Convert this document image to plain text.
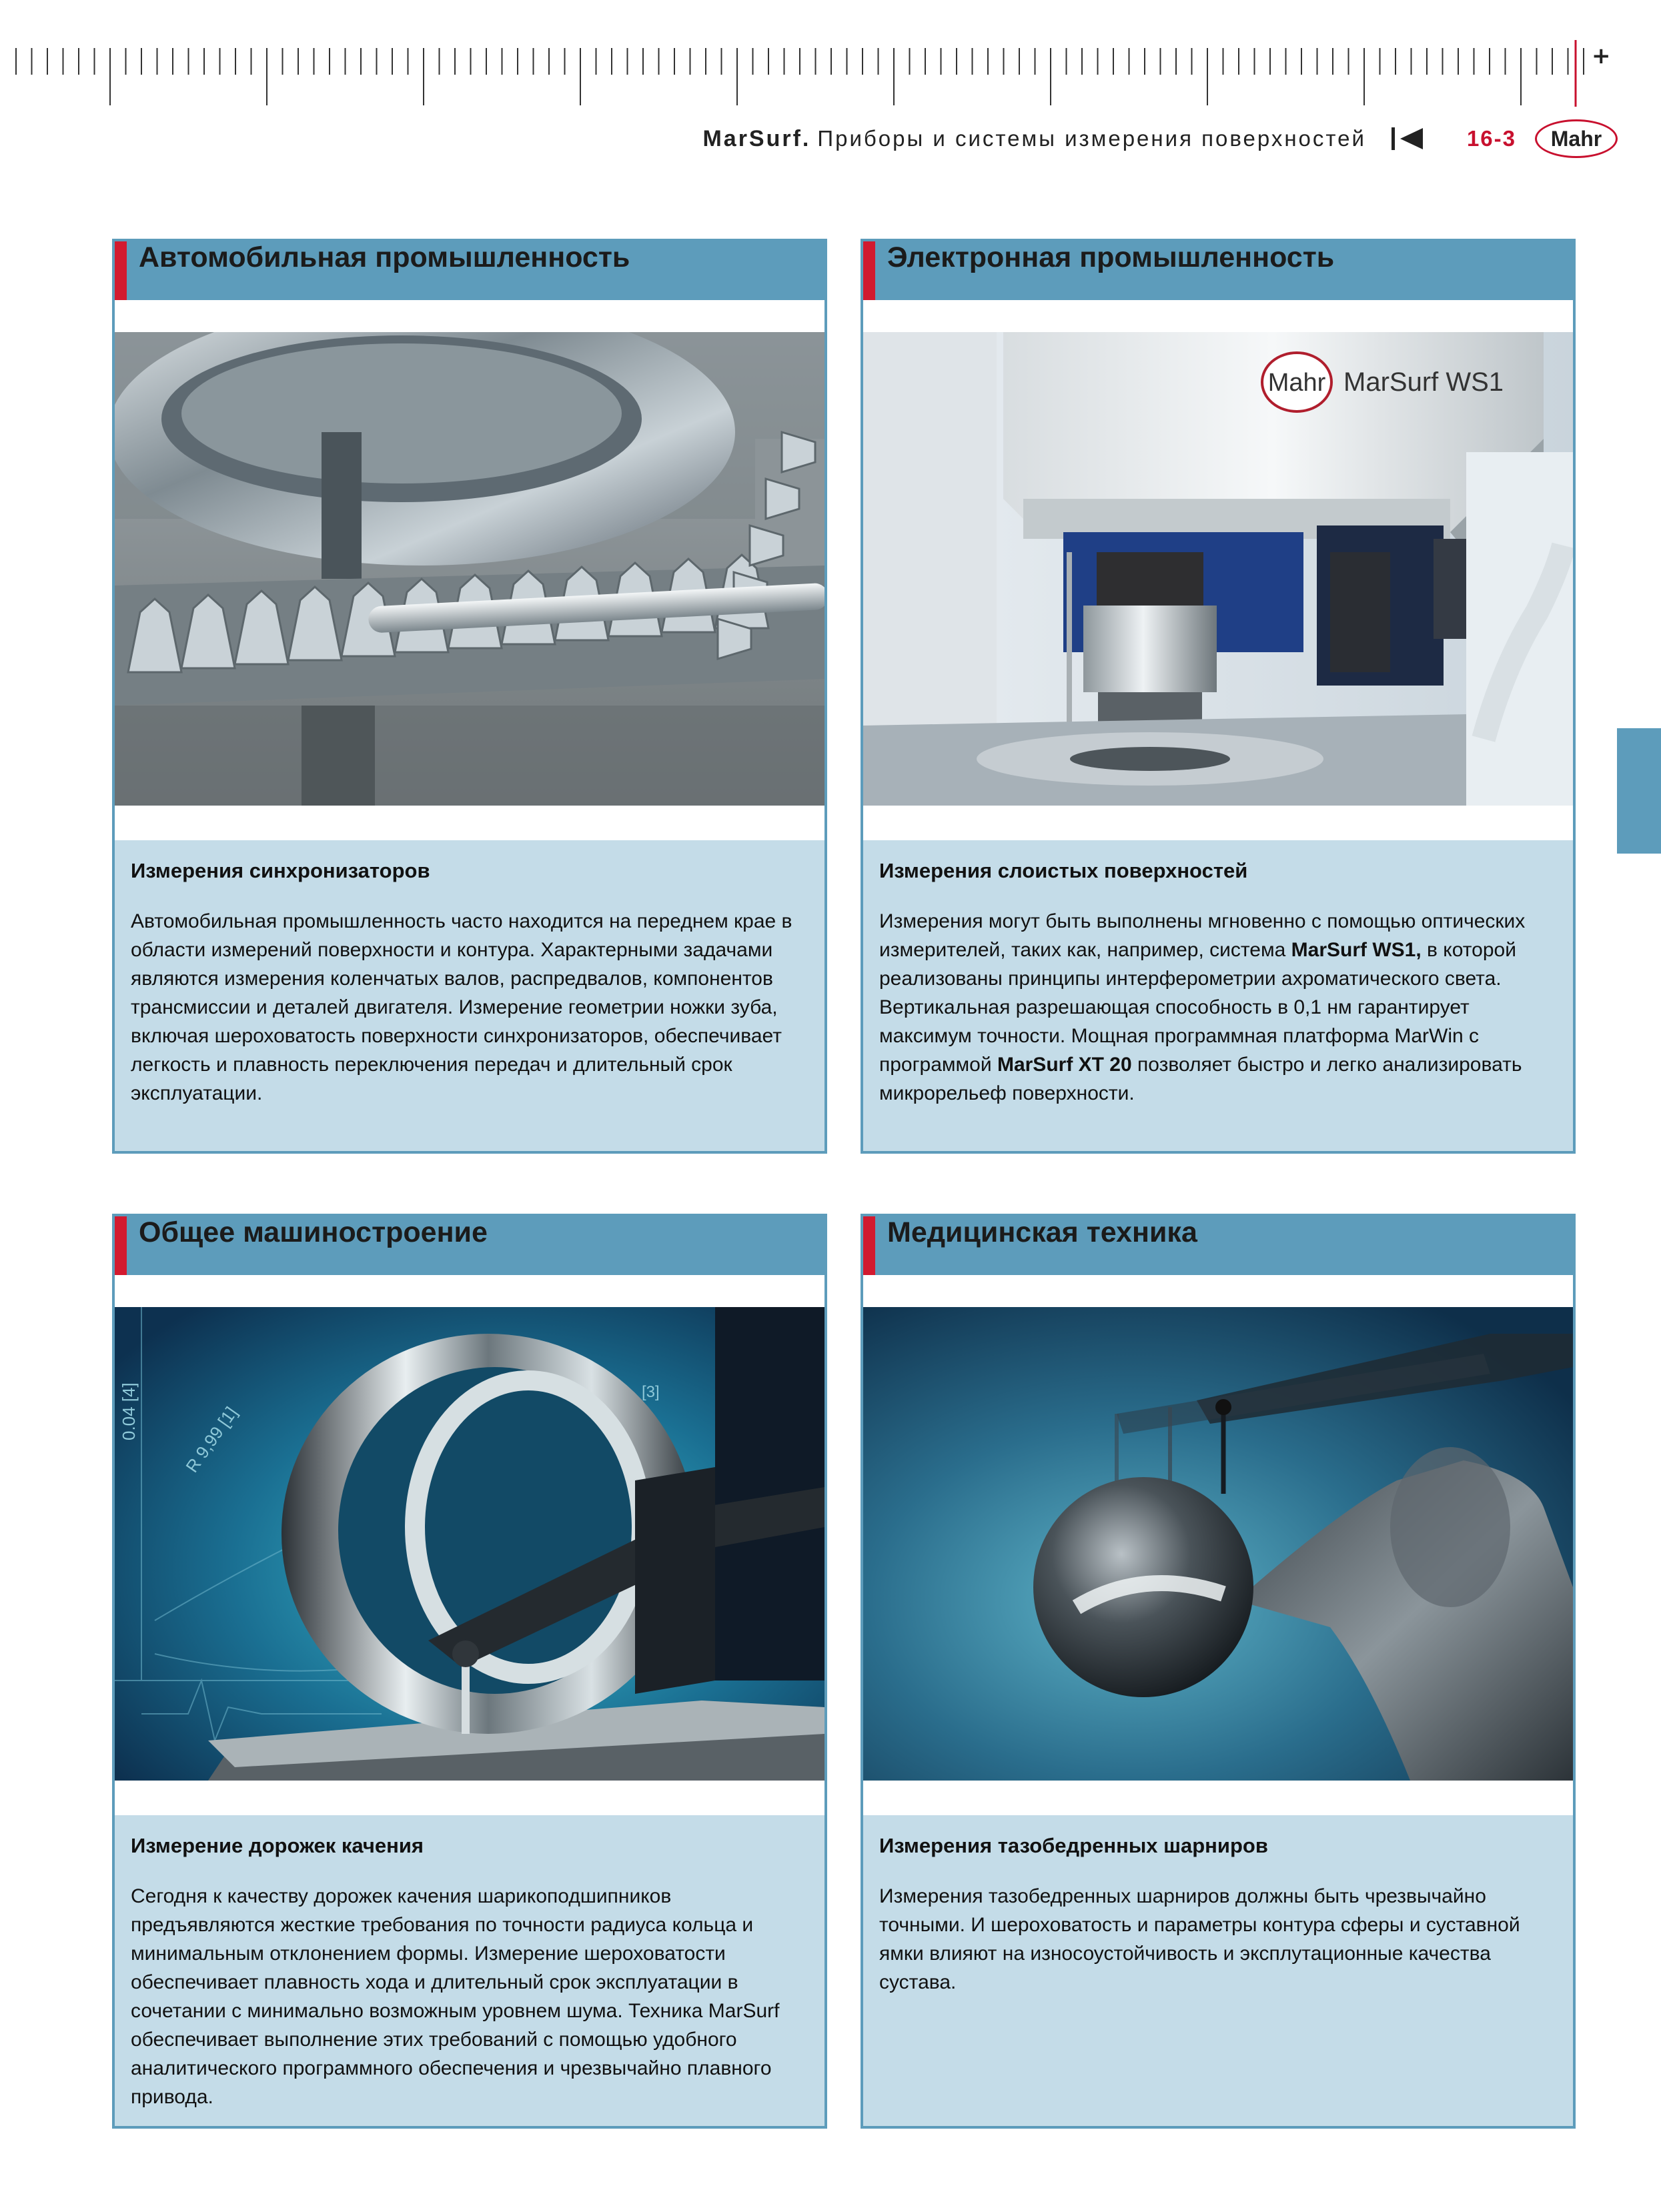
+
MarSurf. Приборы и системы измерения поверхностей	16-3	Mahr
Автомобильная промышленность

Измерения синхронизаторов

Автомобильная промышленность часто находится на переднем крае в области измерений поверхности и контура. Характерными задачами являются измерения коленчатых валов, распредвалов, компонентов трансмиссии и деталей двигателя. Измерение геометрии ножки зуба, включая шероховатость поверхности синхронизаторов, обеспечивает легкость и плавность переключения передач и длительный срок эксплуатации.

Электронная промышленность
Mahr MarSurf WS1

Измерения слоистых поверхностей

Измерения могут быть выполнены мгновенно с помощью оптических измерителей, таких как, например, система MarSurf WS1, в которой реализованы принципы интерферометрии ахроматического света. Вертикальная разрешающая способность в 0,1 нм гарантирует максимум точности. Мощная программная платформа MarWin с программой MarSurf XT 20 позволяет быстро и легко анализировать микрорельеф поверхности.

Общее машиностроение
0.04 [4] R 9,99 [1]
[3]

Измерение дорожек качения

Сегодня к качеству дорожек качения шарикоподшипников предъявляются жесткие требования по точности радиуса кольца и минимальным отклонением формы. Измерение шероховатости обеспечивает плавность хода и длительный срок эксплуатации в сочетании с минимально возможным уровнем шума. Техника MarSurf обеспечивает выполнение этих требований с помощью удобного аналитического программного обеспечения и чрезвычайно плавного привода.

Медицинская техника

Измерения тазобедренных шарниров

Измерения тазобедренных шарниров должны быть чрезвычайно точными. И шероховатость и параметры контура сферы и суставной ямки влияют на износоустойчивость и эксплутационные качества сустава.
